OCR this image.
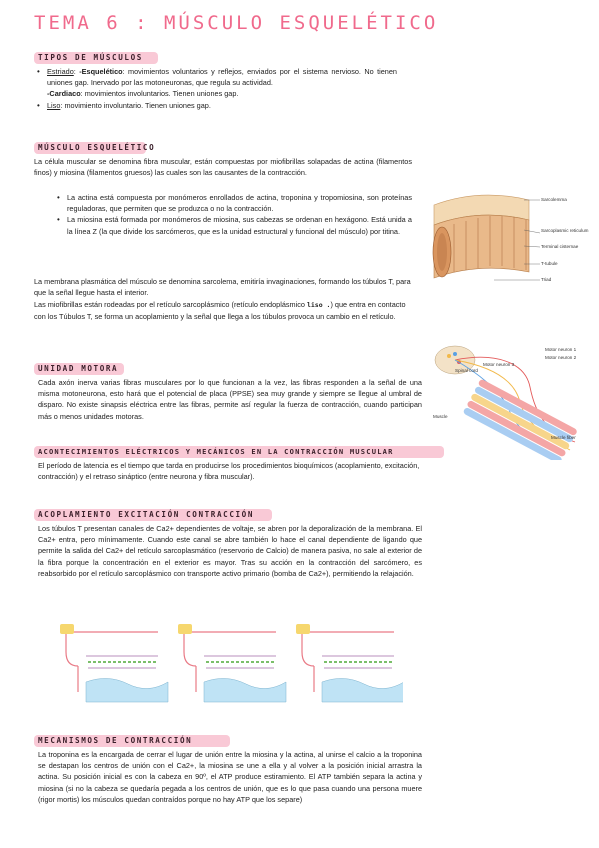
TEMA 6 : MÚSCULO ESQUELÉTICO
TIPOS DE MÚSCULOS
• Estriado: -Esquelético: movimientos voluntarios y reflejos, enviados por el sistema nervioso. No tienen uniones gap. Inervado por las motoneuronas, que regula su actividad.
-Cardiaco: movimientos involuntarios. Tienen uniones gap.
• Liso: movimiento involuntario. Tienen uniones gap.
MÚSCULO ESQUELÉTICO
La célula muscular se denomina fibra muscular, están compuestas por miofibrillas solapadas de actina (filamentos finos) y miosina (filamentos gruesos) las cuales son las causantes de la contracción.
• La actina está compuesta por monómeros enrollados de actina, troponina y tropomiosina, son proteínas reguladoras, que permiten que se produzca o no la contracción.
• La miosina está formada por monómeros de miosina, sus cabezas se ordenan en hexágono. Está unida a la línea Z (la que divide los sarcómeros, que es la unidad estructural y funcional del músculo) por titina.
La membrana plasmática del músculo se denomina sarcolema, emitiría invaginaciones, formando los túbulos T, para que la señal llegue hasta el interior.
Las miofibrillas están rodeadas por el retículo sarcoplásmico (retículo endoplásmico liso .) que entra en contacto con los Túbulos T, se forma un acoplamiento y la señal que llega a los túbulos provoca un cambio en el retículo.
Sarcolemma
Sarcoplasmic reticulum
Terminal cisternae
T-tubule
Triad
UNIDAD MOTORA
Cada axón inerva varias fibras musculares por lo que funcionan a la vez, las fibras responden a la señal de una misma motoneurona, esto hará que el potencial de placa (PPSE) sea muy grande y siempre se llegue al umbral de disparo. No existe sinapsis eléctrica entre las fibras, permite así regular la fuerza de contracción, cuando participan más o menos unidades motoras.
Motor neuron 1
Motor neuron 2
Spinal cord
Motor neuron 3
Muscle
Muscle fiber
ACONTECIMIENTOS ELÉCTRICOS Y MECÁNICOS EN LA CONTRACCIÓN MUSCULAR
El período de latencia es el tiempo que tarda en producirse los procedimientos bioquímicos (acoplamiento, excitación, contracción) y el retraso sináptico (entre neurona y fibra muscular).
ACOPLAMIENTO EXCITACIÓN CONTRACCIÓN
Los túbulos T presentan canales de Ca2+ dependientes de voltaje, se abren por la deporalización de la membrana. El Ca2+ entra, pero mínimamente. Cuando este canal se abre también lo hace el canal dependiente de ligando que permite la salida del Ca2+ del retículo sarcoplasmático (reservorio de Calcio) de manera pasiva, no sale al exterior de la fibra porque la concentración en el exterior es mayor. Tras su acción en la contracción del sarcómero, es reabsorbido por el retículo sarcoplásmico con transporte activo primario (bomba de Ca2+), permitiendo la relajación.
MECANISMOS DE CONTRACCIÓN
La troponina es la encargada de cerrar el lugar de unión entre la miosina y la actina, al unirse el calcio a la troponina se destapan los centros de unión con el Ca2+, la miosina se une a ella y al volver a la posición inicial arrastra la actina. Su posición inicial es con la cabeza en 90º, el ATP produce estiramiento. El ATP también separa la actina y miosina (si no la cabeza se quedaría pegada a los centros de unión, que es lo que pasa cuando una persona muere (rigor mortis) los músculos quedan contraídos porque no hay ATP que los separe)
